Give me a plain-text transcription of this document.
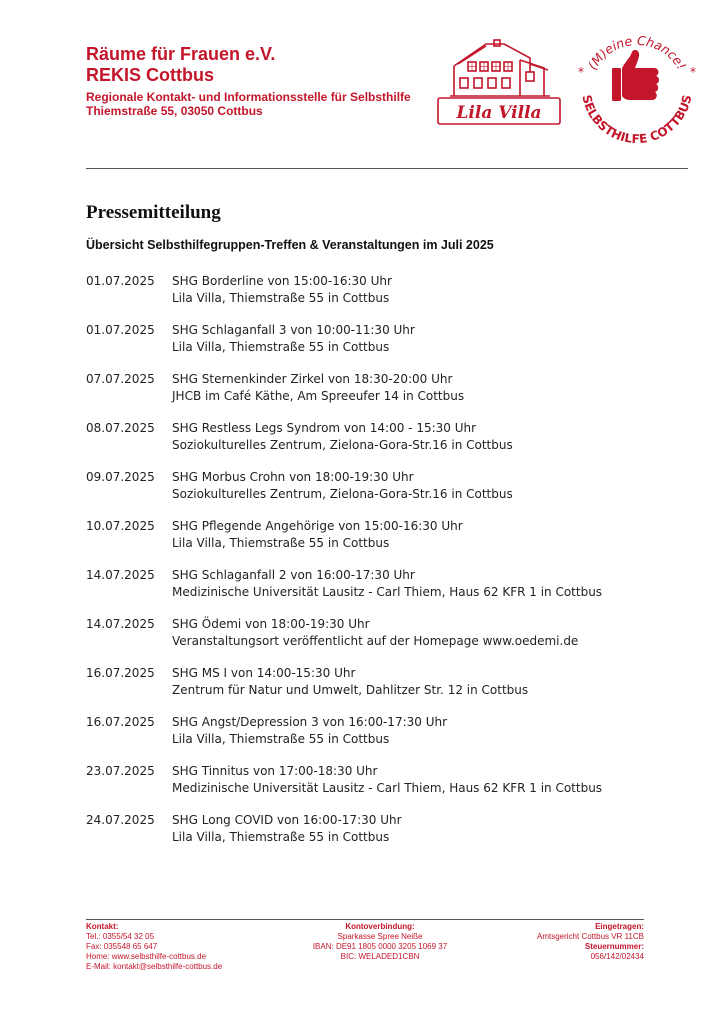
Räume für Frauen e.V.
REKIS Cottbus
Regionale Kontakt- und Informationsstelle für Selbsthilfe
Thiemstraße 55, 03050 Cottbus	Lila Villa
(M)eine Chance!
SELBSTHILFE COTTBUS
*	*
Pressemitteilung
Übersicht Selbsthilfegruppen-Treffen & Veranstaltungen im Juli 2025
01.07.2025 SHG Borderline von 15:00-16:30 Uhr
Lila Villa, Thiemstraße 55 in Cottbus
01.07.2025 SHG Schlaganfall 3 von 10:00-11:30 Uhr
Lila Villa, Thiemstraße 55 in Cottbus
07.07.2025 SHG Sternenkinder Zirkel von 18:30-20:00 Uhr
JHCB im Café Käthe, Am Spreeufer 14 in Cottbus
08.07.2025 SHG Restless Legs Syndrom von 14:00 - 15:30 Uhr
Soziokulturelles Zentrum, Zielona-Gora-Str.16 in Cottbus
09.07.2025 SHG Morbus Crohn von 18:00-19:30 Uhr
Soziokulturelles Zentrum, Zielona-Gora-Str.16 in Cottbus
10.07.2025 SHG Pflegende Angehörige von 15:00-16:30 Uhr
Lila Villa, Thiemstraße 55 in Cottbus
14.07.2025 SHG Schlaganfall 2 von 16:00-17:30 Uhr
Medizinische Universität Lausitz - Carl Thiem, Haus 62 KFR 1 in Cottbus
14.07.2025 SHG Ödemi von 18:00-19:30 Uhr
Veranstaltungsort veröffentlicht auf der Homepage www.oedemi.de
16.07.2025 SHG MS I von 14:00-15:30 Uhr
Zentrum für Natur und Umwelt, Dahlitzer Str. 12 in Cottbus
16.07.2025 SHG Angst/Depression 3 von 16:00-17:30 Uhr
Lila Villa, Thiemstraße 55 in Cottbus
23.07.2025 SHG Tinnitus von 17:00-18:30 Uhr
Medizinische Universität Lausitz - Carl Thiem, Haus 62 KFR 1 in Cottbus
24.07.2025 SHG Long COVID von 16:00-17:30 Uhr
Lila Villa, Thiemstraße 55 in Cottbus
Kontakt:
Tel.: 0355/54 32 05
Fax: 035548 65 647
Home: www.selbsthilfe-cottbus.de
E-Mail: kontakt@selbsthilfe-cottbus.de
Kontoverbindung:
Sparkasse Spree Neiße
IBAN: DE91 1805 0000 3205 1069 37
BIC: WELADED1CBN
Eingetragen:
Amtsgericht Cottbus VR 11CB
Steuernummer:
056/142/02434
